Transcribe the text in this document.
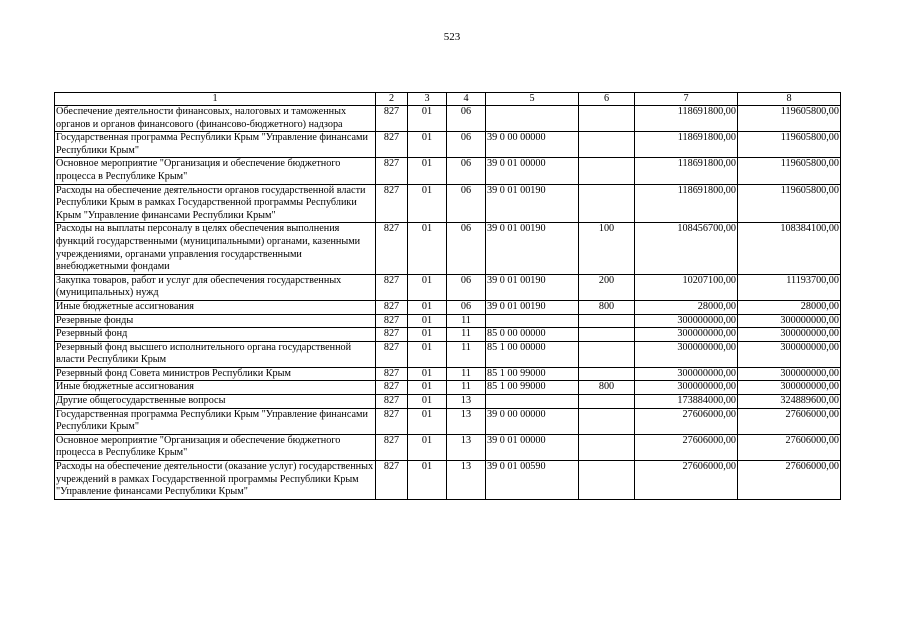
523
1	2	3	4	5	6	7	8
Обеспечение деятельности финансовых, налоговых и таможенных органов и органов финансового (финансово-бюджетного) надзора	827	01	06			118691800,00	119605800,00
Государственная программа Республики Крым "Управление финансами Республики Крым"	827	01	06	39 0 00 00000		118691800,00	119605800,00
Основное мероприятие "Организация и обеспечение бюджетного процесса в Республике Крым"	827	01	06	39 0 01 00000		118691800,00	119605800,00
Расходы на обеспечение деятельности органов государственной власти Республики Крым в рамках Государственной программы Республики Крым "Управление финансами Республики Крым"	827	01	06	39 0 01 00190		118691800,00	119605800,00
Расходы на выплаты персоналу в целях обеспечения выполнения функций государственными (муниципальными) органами, казенными учреждениями, органами управления государственными внебюджетными фондами	827	01	06	39 0 01 00190	100	108456700,00	108384100,00
Закупка товаров, работ и услуг для обеспечения государственных (муниципальных) нужд	827	01	06	39 0 01 00190	200	10207100,00	11193700,00
Иные бюджетные ассигнования	827	01	06	39 0 01 00190	800	28000,00	28000,00
Резервные фонды	827	01	11			300000000,00	300000000,00
Резервный фонд	827	01	11	85 0 00 00000		300000000,00	300000000,00
Резервный фонд высшего исполнительного органа государственной власти Республики Крым	827	01	11	85 1 00 00000		300000000,00	300000000,00
Резервный фонд Совета министров Республики Крым	827	01	11	85 1 00 99000		300000000,00	300000000,00
Иные бюджетные ассигнования	827	01	11	85 1 00 99000	800	300000000,00	300000000,00
Другие общегосударственные вопросы	827	01	13			173884000,00	324889600,00
Государственная программа Республики Крым "Управление финансами Республики Крым"	827	01	13	39 0 00 00000		27606000,00	27606000,00
Основное мероприятие "Организация и обеспечение бюджетного процесса в Республике Крым"	827	01	13	39 0 01 00000		27606000,00	27606000,00
Расходы на обеспечение деятельности (оказание услуг) государственных учреждений в рамках Государственной программы Республики Крым "Управление финансами Республики Крым"	827	01	13	39 0 01 00590		27606000,00	27606000,00
